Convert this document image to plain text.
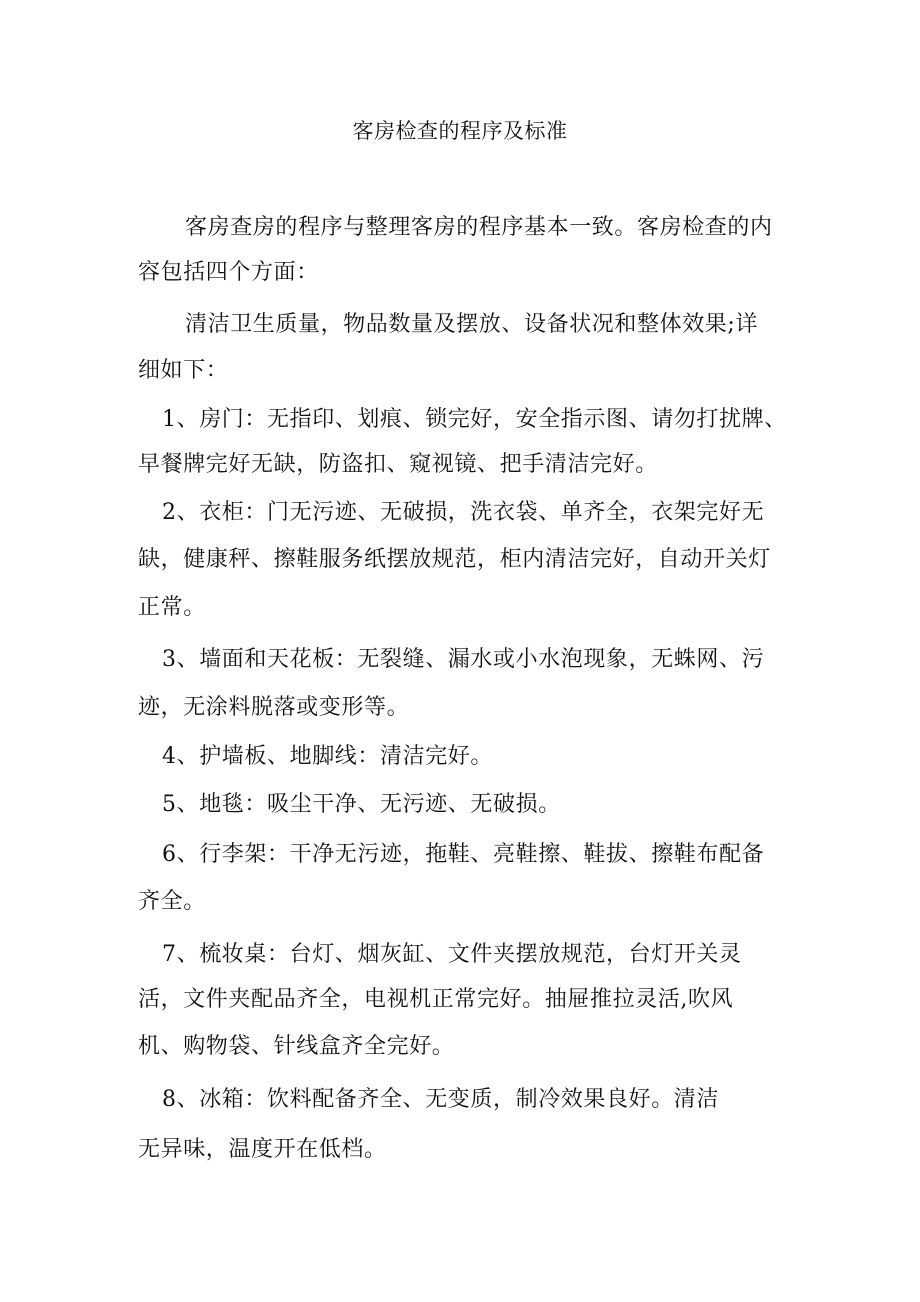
客房检查的程序及标准
客房查房的程序与整理客房的程序基本一致。客房检查的内
容包括四个方面：
清洁卫生质量，物品数量及摆放、设备状况和整体效果;详
细如下：
1、房门：无指印、划痕、锁完好，安全指示图、请勿打扰牌、
早餐牌完好无缺，防盗扣、窥视镜、把手清洁完好。
2、衣柜：门无污迹、无破损，洗衣袋、单齐全，衣架完好无
缺，健康秤、擦鞋服务纸摆放规范，柜内清洁完好，自动开关灯
正常。
3、墙面和天花板：无裂缝、漏水或小水泡现象，无蛛网、污
迹，无涂料脱落或变形等。
4、护墙板、地脚线：清洁完好。
5、地毯：吸尘干净、无污迹、无破损。
6、行李架：干净无污迹，拖鞋、亮鞋擦、鞋拔、擦鞋布配备
齐全。
7、梳妆桌：台灯、烟灰缸、文件夹摆放规范，台灯开关灵
活，文件夹配品齐全，电视机正常完好。抽屉推拉灵活,吹风
机、购物袋、针线盒齐全完好。
8、冰箱：饮料配备齐全、无变质，制冷效果良好。清洁
无异味，温度开在低档。
